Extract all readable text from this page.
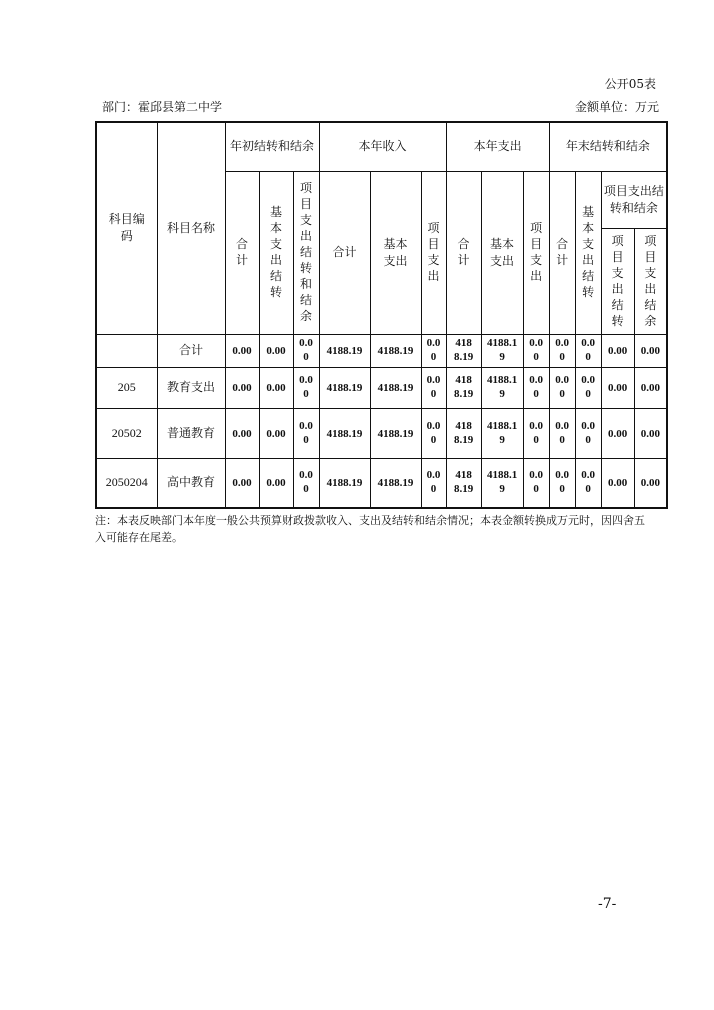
公开05表
部门：霍邱县第二中学	金额单位：万元
科目编码	科目名称	年初结转和结余			本年收入			本年支出			年末结转和结余			
		合计	基本支出结转	项目支出结转和结余	合计	基本支出	项目支出	合计	基本支出	项目支出	合计	基本支出结转	项目支出结转和结余	
													项目支出结转	项目支出结余
	合计	0.00	0.00	0.00	4188.19	4188.19	0.00	4188.19	4188.19	0.00	0.00	0.00	0.00	0.00
205	教育支出	0.00	0.00	0.00	4188.19	4188.19	0.00	4188.19	4188.19	0.00	0.00	0.00	0.00	0.00
20502	普通教育	0.00	0.00	0.00	4188.19	4188.19	0.00	4188.19	4188.19	0.00	0.00	0.00	0.00	0.00
2050204	高中教育	0.00	0.00	0.00	4188.19	4188.19	0.00	4188.19	4188.19	0.00	0.00	0.00	0.00	0.00
注：本表反映部门本年度一般公共预算财政拨款收入、支出及结转和结余情况；本表金额转换成万元时，因四舍五入可能存在尾差。
-7-
